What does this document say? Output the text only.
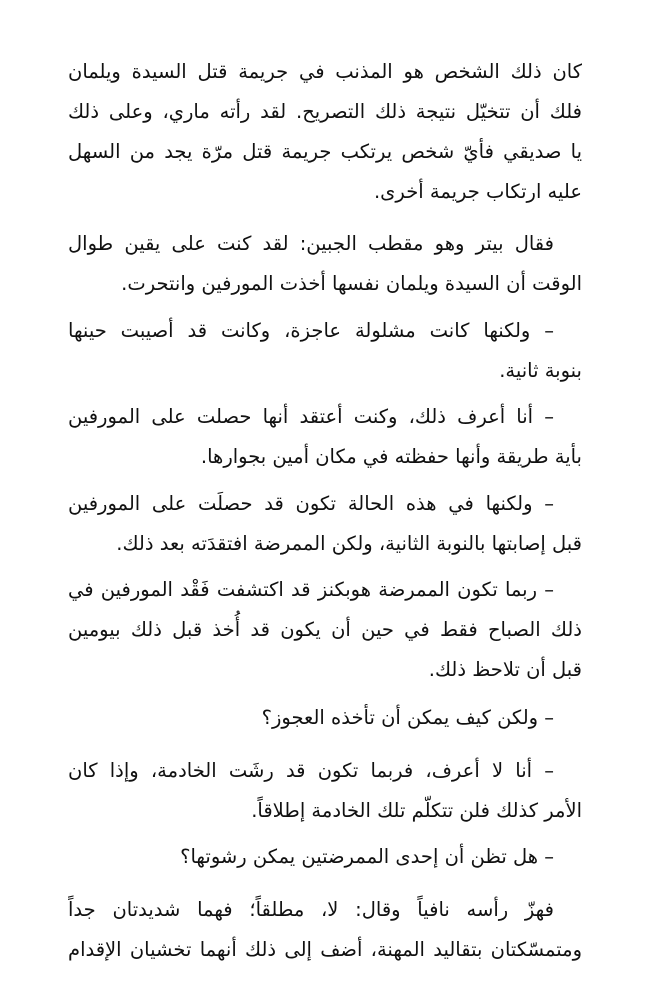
كان ذلك الشخص هو المذنب في جريمة قتل السيدة ويلمان
فلك أن تتخيّل نتيجة ذلك التصريح. لقد رأته ماري، وعلى ذلك
يا صديقي فأيّ شخص يرتكب جريمة قتل مرّة يجد من السهل
عليه ارتكاب جريمة أخرى.
فقال بيتر وهو مقطب الجبين: لقد كنت على يقين طوال
الوقت أن السيدة ويلمان نفسها أخذت المورفين وانتحرت.
– ولكنها كانت مشلولة عاجزة، وكانت قد أصيبت حينها
بنوبة ثانية.
– أنا أعرف ذلك، وكنت أعتقد أنها حصلت على المورفين
بأية طريقة وأنها حفظته في مكان أمين بجوارها.
– ولكنها في هذه الحالة تكون قد حصلَت على المورفين
قبل إصابتها بالنوبة الثانية، ولكن الممرضة افتقدَته بعد ذلك.
– ربما تكون الممرضة هوبكنز قد اكتشفت فَقْد المورفين في
ذلك الصباح فقط في حين أن يكون قد أُخذ قبل ذلك بيومين
قبل أن تلاحظ ذلك.
– ولكن كيف يمكن أن تأخذه العجوز؟
– أنا لا أعرف، فربما تكون قد رشَت الخادمة، وإذا كان
الأمر كذلك فلن تتكلّم تلك الخادمة إطلاقاً.
– هل تظن أن إحدى الممرضتين يمكن رشوتها؟
فهزّ رأسه نافياً وقال: لا، مطلقاً؛ فهما شديدتان جداً
ومتمسّكتان بتقاليد المهنة، أضف إلى ذلك أنهما تخشيان الإقدام
